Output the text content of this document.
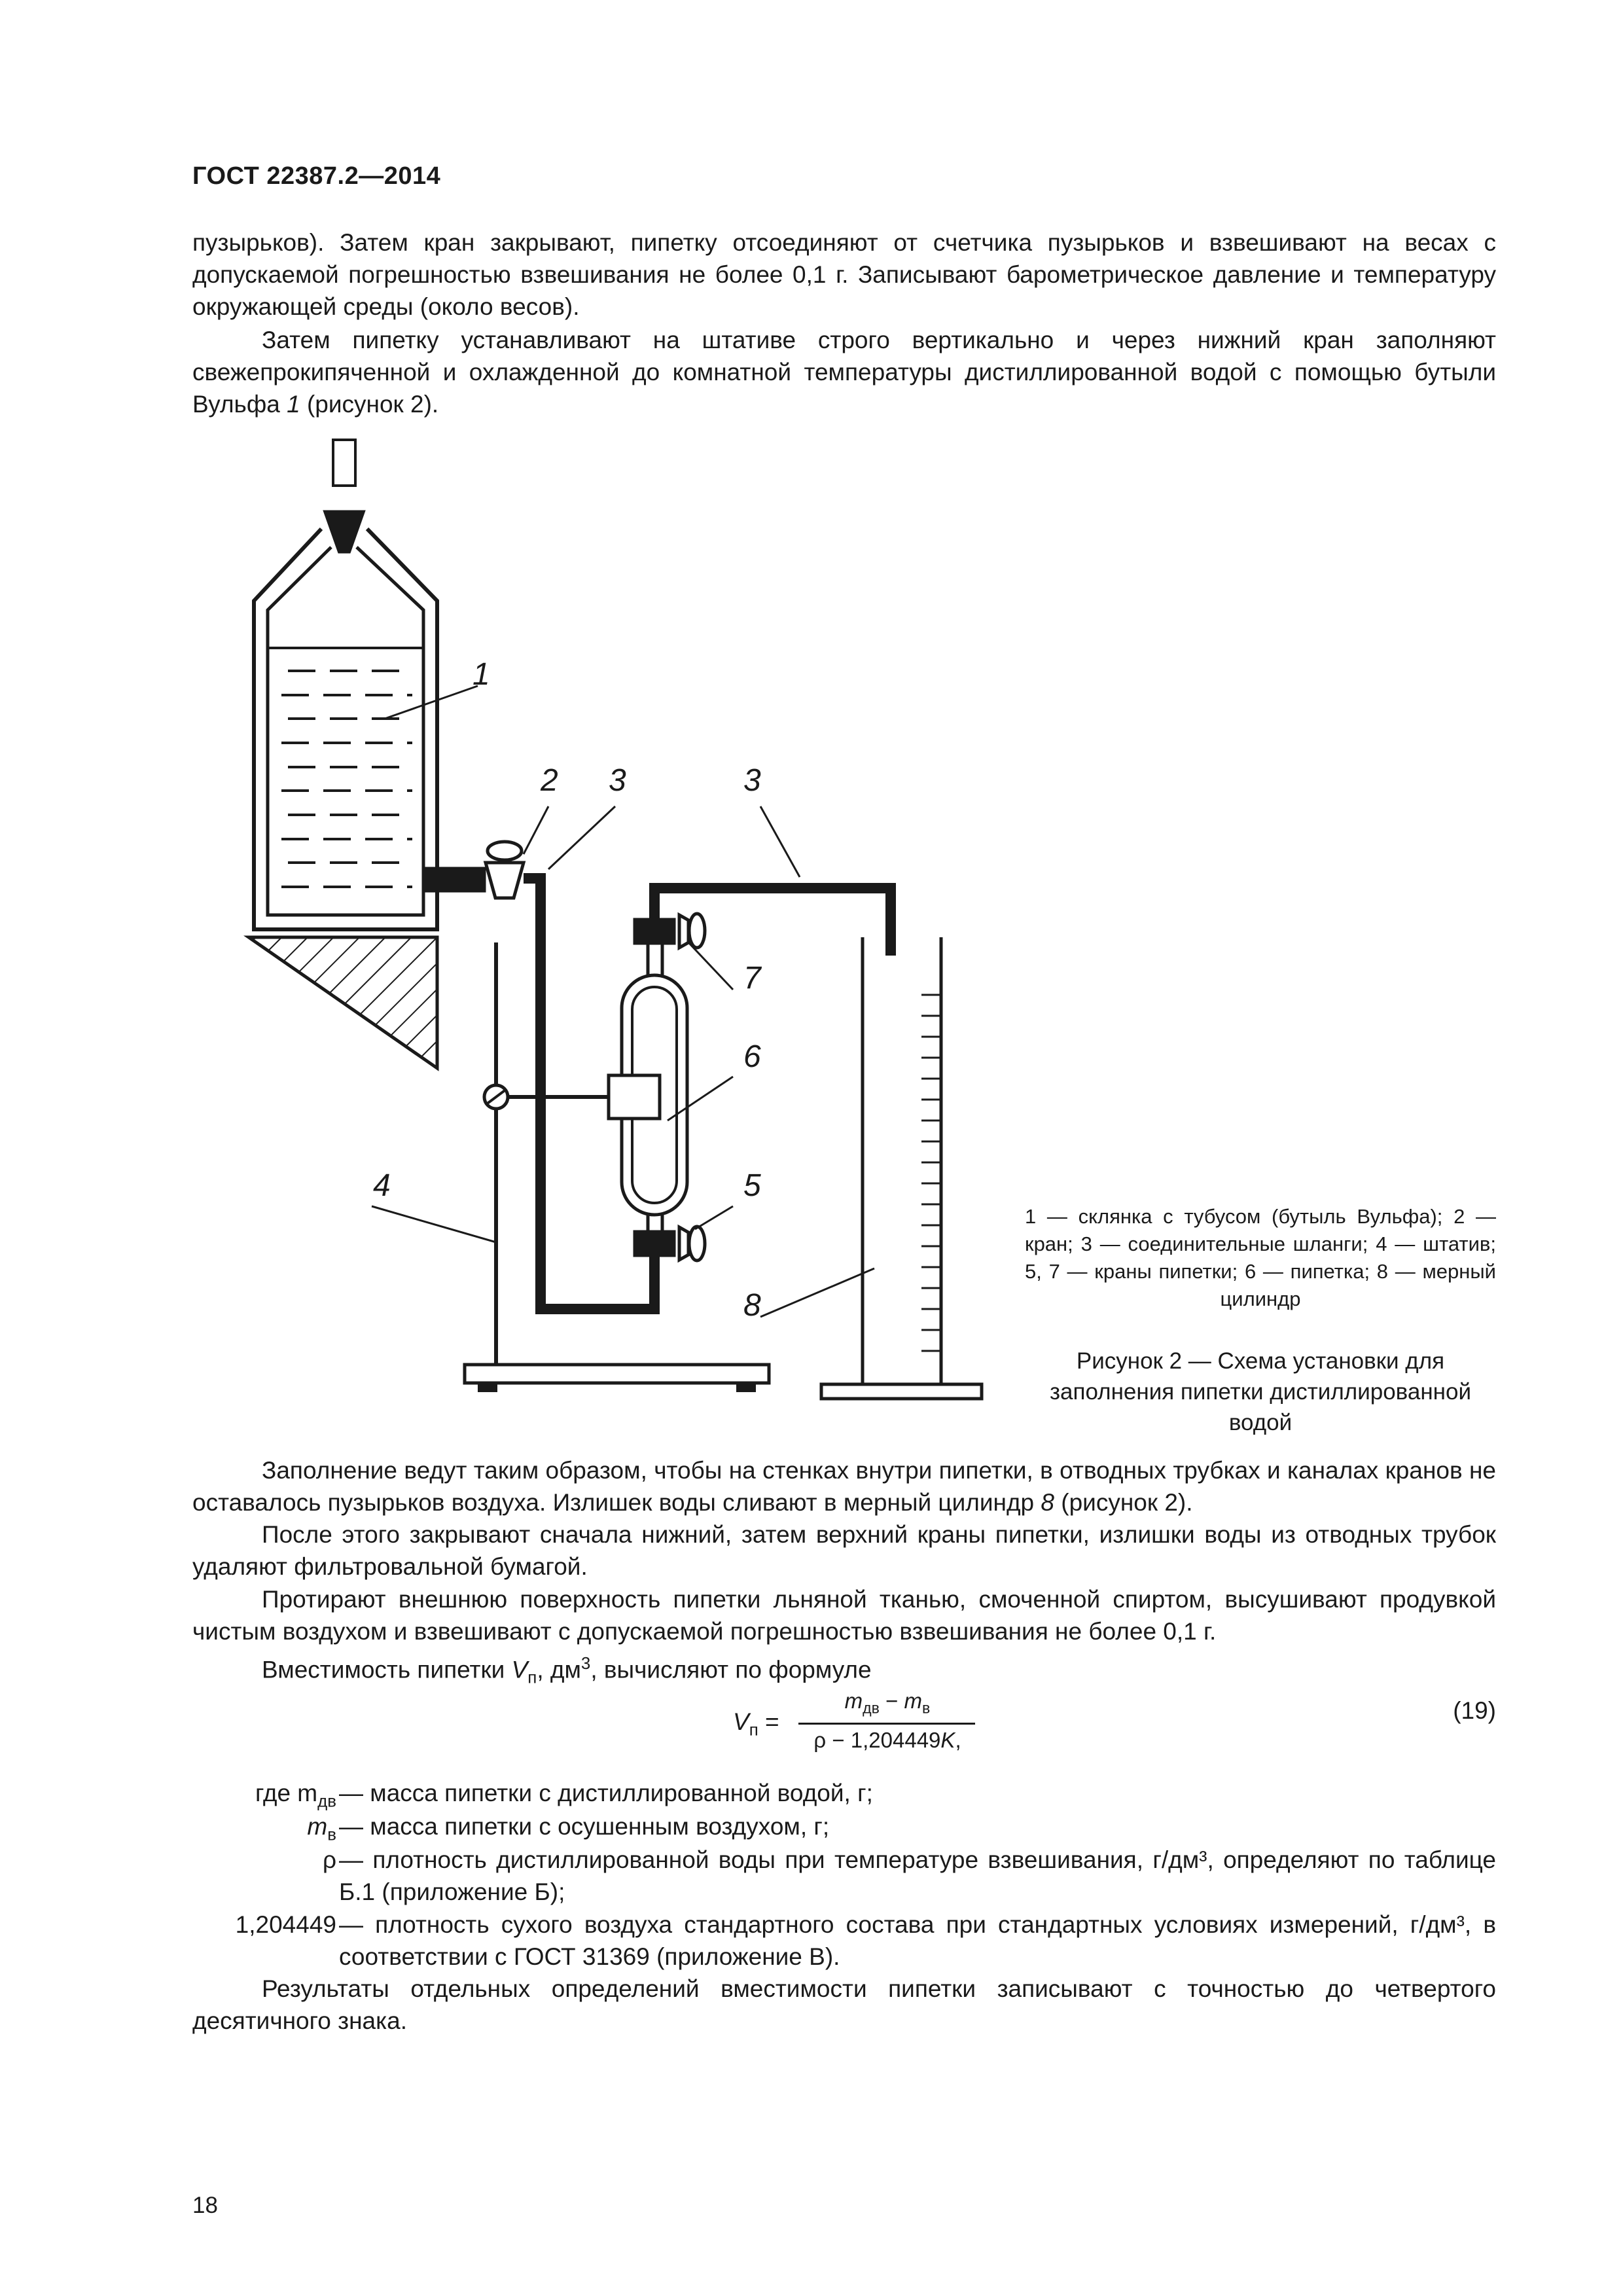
ГОСТ 22387.2—2014
пузырьков). Затем кран закрывают, пипетку отсоединяют от счетчика пузырьков и взвешивают на весах с допускаемой погрешностью взвешивания не более 0,1 г. Записывают барометрическое давление и температуру окружающей среды (около весов).
Затем пипетку устанавливают на штативе строго вертикально и через нижний кран заполняют свежепрокипяченной и охлажденной до комнатной температуры дистиллированной водой с помощью бутыли Вульфа 1 (рисунок 2).
1
2 3	3
4	5
6
7
8
1 — склянка с тубусом (бутыль Вульфа); 2 — кран; 3 — соединительные шланги; 4 — штатив; 5, 7 — краны пипетки; 6 — пипетка; 8 — мерный цилиндр
Рисунок 2 — Схема установки для заполнения пипетки дистиллированной водой
Заполнение ведут таким образом, чтобы на стенках внутри пипетки, в отводных трубках и каналах кранов не оставалось пузырьков воздуха. Излишек воды сливают в мерный цилиндр 8 (рисунок 2).
После этого закрывают сначала нижний, затем верхний краны пипетки, излишки воды из отводных трубок удаляют фильтровальной бумагой.
Протирают внешнюю поверхность пипетки льняной тканью, смоченной спиртом, высушивают продувкой чистым воздухом и взвешивают с допускаемой погрешностью взвешивания не более 0,1 г.
Вместимость пипетки $V_п$, $дм^3$, вычисляют по формуле
$V_п$ =
$m_{дв} - m_в$
ρ − 1,204449K,
(19)
где $m_{дв}$ — масса пипетки с дистиллированной водой, г;
$m_в$ — масса пипетки с осушенным воздухом, г;
ρ — плотность дистиллированной воды при температуре взвешивания, г/дм³, определяют по таблице Б.1 (приложение Б);
1,204449 — плотность сухого воздуха стандартного состава при стандартных условиях измерений, г/дм³, в соответствии с ГОСТ 31369 (приложение В).
Результаты отдельных определений вместимости пипетки записывают с точностью до четвертого десятичного знака.
18
